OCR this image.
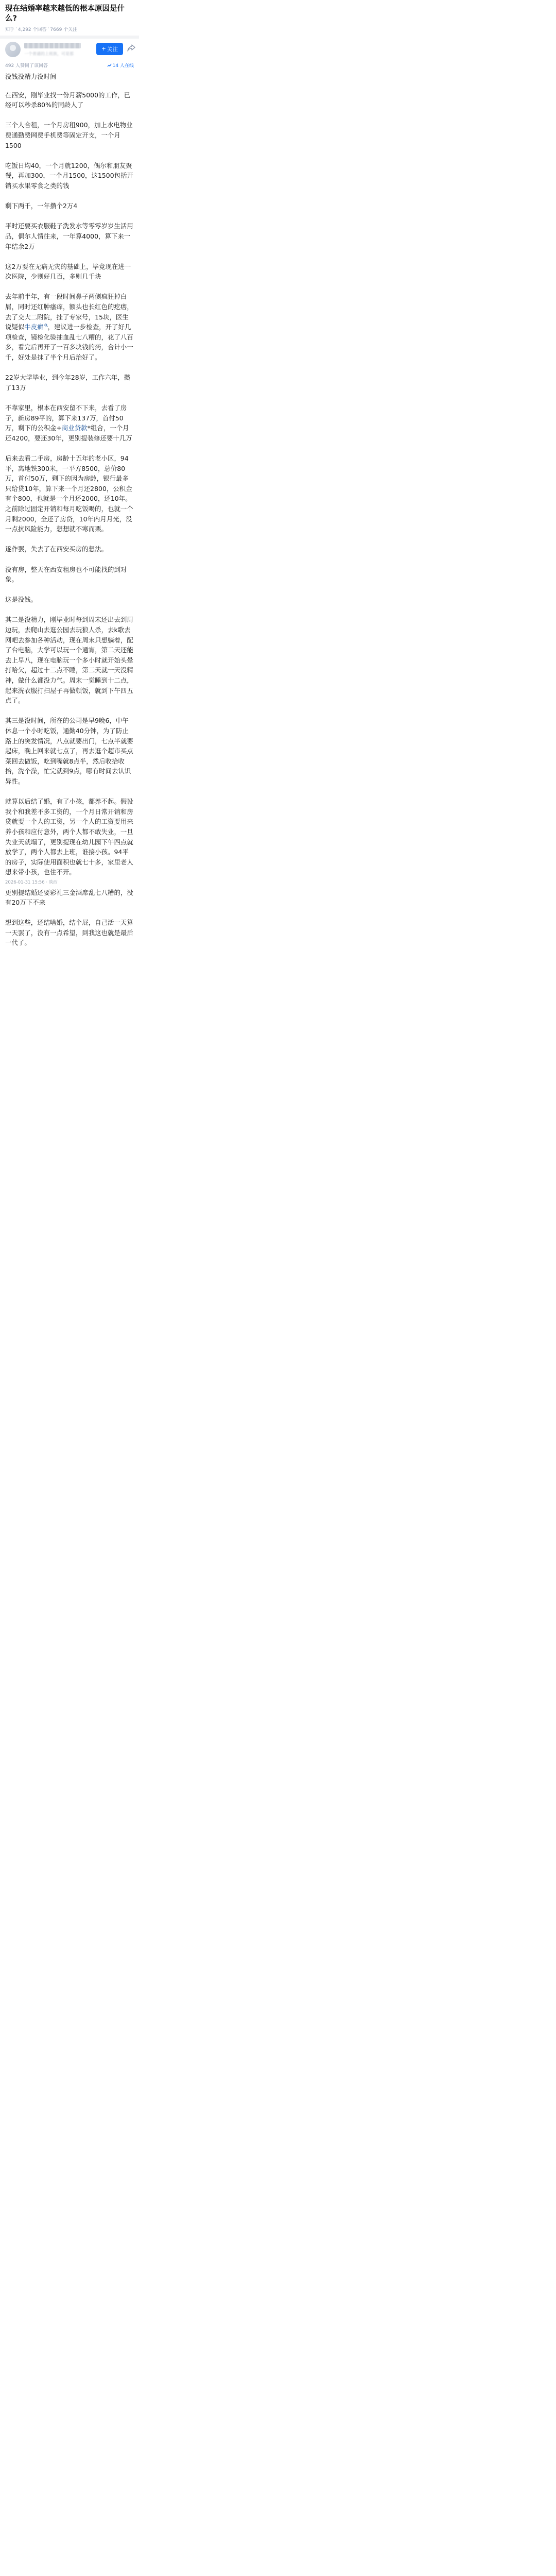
现在结婚率越来越低的根本原因是什么?
知乎 · 4,292 个回答 · 7669 个关注
一个普通的上班族，可是那
+ 关注
492 人赞同了该回答	14 人在线

没钱没精力没时间

在西安，刚毕业找一份月薪5000的工作，已经可以秒杀80%的同龄人了

三个人合租，一个月房租900，加上水电物业费通勤费网费手机费等固定开支，一个月1500

吃饭日均40，一个月就1200，偶尔和朋友聚餐，再加300，一个月1500，这1500包括开销买水果零食之类的钱

剩下两千，一年攒个2万4

平时还要买衣服鞋子洗发水等零零岁岁生活用品，偶尔人情往来，一年算4000，算下来一年结余2万

这2万要在无病无灾的基础上，毕竟现在进一次医院，少则好几百，多则几千块

去年前半年，有一段时间鼻子两侧疯狂掉白屑，同时还红肿瘙痒，额头也长红色的疙瘩，去了交大二附院，挂了专家号，15块，医生说疑似牛皮癣 ，建议进一步检查，开了好几项检查，镜检化验抽血乱七八糟的，花了八百多，看完后再开了一百多块钱的药，合计小一千，好处是抹了半个月后治好了。

22岁大学毕业，到今年28岁，工作六年，攒了13万

不靠家里，根本在西安留不下来，去看了房子，新房89平的，算下来137万，首付50万，剩下的公积金+商业贷款*组合，一个月还4200，要还30年，更别提装修还要十几万

后来去看二手房，房龄十五年的老小区，94平，离地铁300米，一平方8500，总价80万，首付50万，剩下的因为房龄，银行最多只给贷10年，算下来一个月还2800，公积金有个800，也就是一个月还2000，还10年。之前除过固定开销和每月吃饭喝的，也就一个月剩2000，全还了房贷，10年内月月光，没一点抗风险能力，想想就不寒而栗。

遂作罢，失去了在西安买房的想法。

没有房，整天在西安租房也不可能找的到对象。

这是没钱。

其二是没精力，刚毕业时每到周末还出去到周边玩，去爬山去逛公园去玩狼人杀，去k歌去网吧去参加各种活动，现在周末只想躺着，配了台电脑，大学可以玩一个通宵，第二天还能去上早八，现在电脑玩一个多小时就开始头晕打哈欠，超过十二点不睡，第二天就一天没精神，做什么都没力气。周末一觉睡到十二点，起来洗衣服打扫屋子再做顿饭，就到下午四五点了。

其三是没时间，所在的公司是早9晚6，中午休息一个小时吃饭，通勤40分钟，为了防止路上的突发情况，八点就要出门，七点半就要起床，晚上回来就七点了，再去逛个超市买点菜回去做饭，吃到嘴就8点半，然后收拾收拾，洗个澡，忙完就到9点，哪有时间去认识异性。

就算以后结了婚，有了小孩，都养不起。假设我个和我差不多工资的，一个月日常开销和房贷就要一个人的工资，另一个人的工资要用来养小孩和应付意外，两个人都不敢失业，一旦失业天就塌了，更别提现在幼儿园下午四点就放学了，两个人都去上班，谁接小孩。94平的房子，实际使用面积也就七十多，家里老人想来带小孩，也住不开。

更别提结婚还要彩礼三金酒席乱七八糟的，没有20万下不来

想到这些，还结啥婚，结个屁，自己活一天算一天罢了，没有一点希望，到我这也就是最后一代了。

2026-01-31 15:56 · 陕西
